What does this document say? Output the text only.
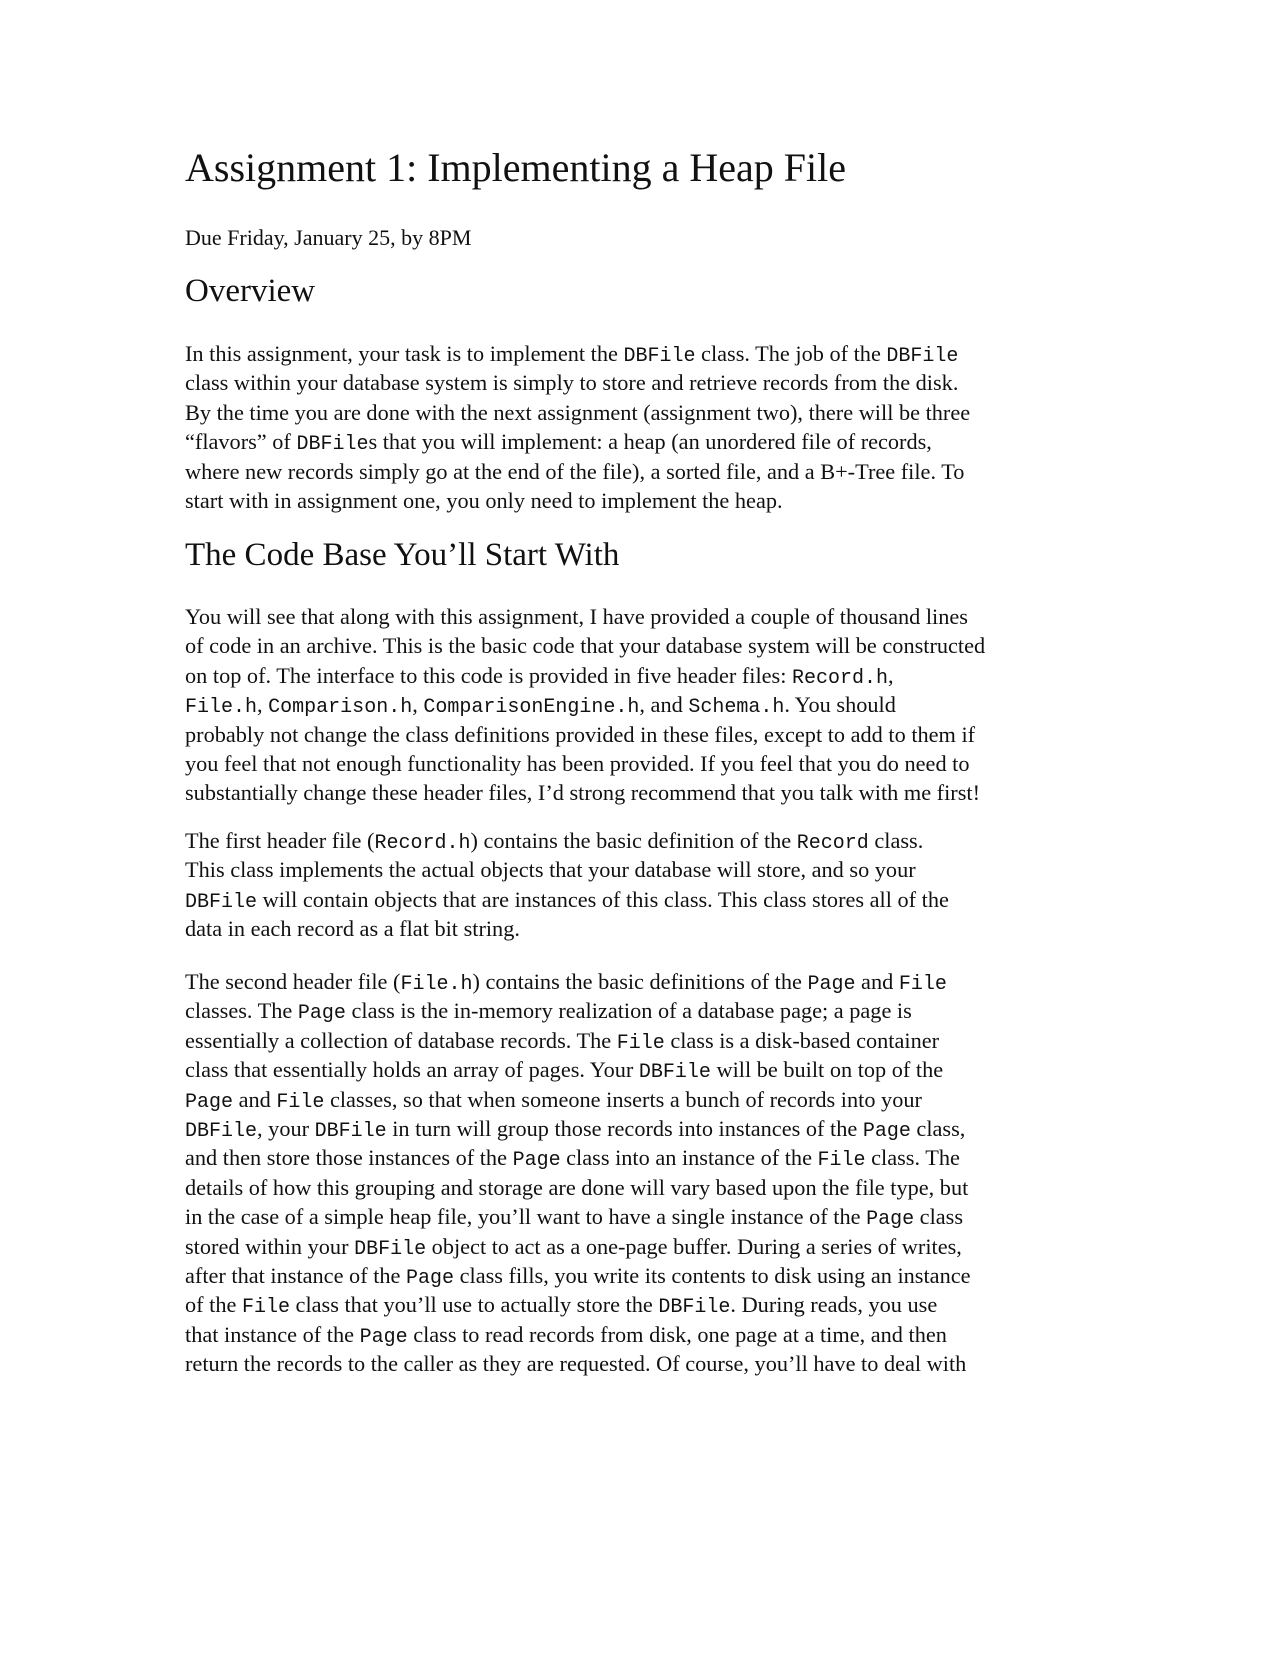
Assignment 1: Implementing a Heap File

Due Friday, January 25, by 8PM

Overview
In this assignment, your task is to implement the DBFile class. The job of the DBFile
class within your database system is simply to store and retrieve records from the disk.
By the time you are done with the next assignment (assignment two), there will be three
“flavors” of DBFiles that you will implement: a heap (an unordered file of records,
where new records simply go at the end of the file), a sorted file, and a B+-Tree file. To
start with in assignment one, you only need to implement the heap.
The Code Base You’ll Start With
You will see that along with this assignment, I have provided a couple of thousand lines
of code in an archive. This is the basic code that your database system will be constructed
on top of. The interface to this code is provided in five header files: Record.h,
File.h, Comparison.h, ComparisonEngine.h, and Schema.h. You should
probably not change the class definitions provided in these files, except to add to them if
you feel that not enough functionality has been provided. If you feel that you do need to
substantially change these header files, I’d strong recommend that you talk with me first!
The first header file (Record.h) contains the basic definition of the Record class.
This class implements the actual objects that your database will store, and so your
DBFile will contain objects that are instances of this class. This class stores all of the
data in each record as a flat bit string.
The second header file (File.h) contains the basic definitions of the Page and File
classes. The Page class is the in-memory realization of a database page; a page is
essentially a collection of database records. The File class is a disk-based container
class that essentially holds an array of pages. Your DBFile will be built on top of the
Page and File classes, so that when someone inserts a bunch of records into your
DBFile, your DBFile in turn will group those records into instances of the Page class,
and then store those instances of the Page class into an instance of the File class. The
details of how this grouping and storage are done will vary based upon the file type, but
in the case of a simple heap file, you’ll want to have a single instance of the Page class
stored within your DBFile object to act as a one-page buffer. During a series of writes,
after that instance of the Page class fills, you write its contents to disk using an instance
of the File class that you’ll use to actually store the DBFile. During reads, you use
that instance of the Page class to read records from disk, one page at a time, and then
return the records to the caller as they are requested. Of course, you’ll have to deal with
